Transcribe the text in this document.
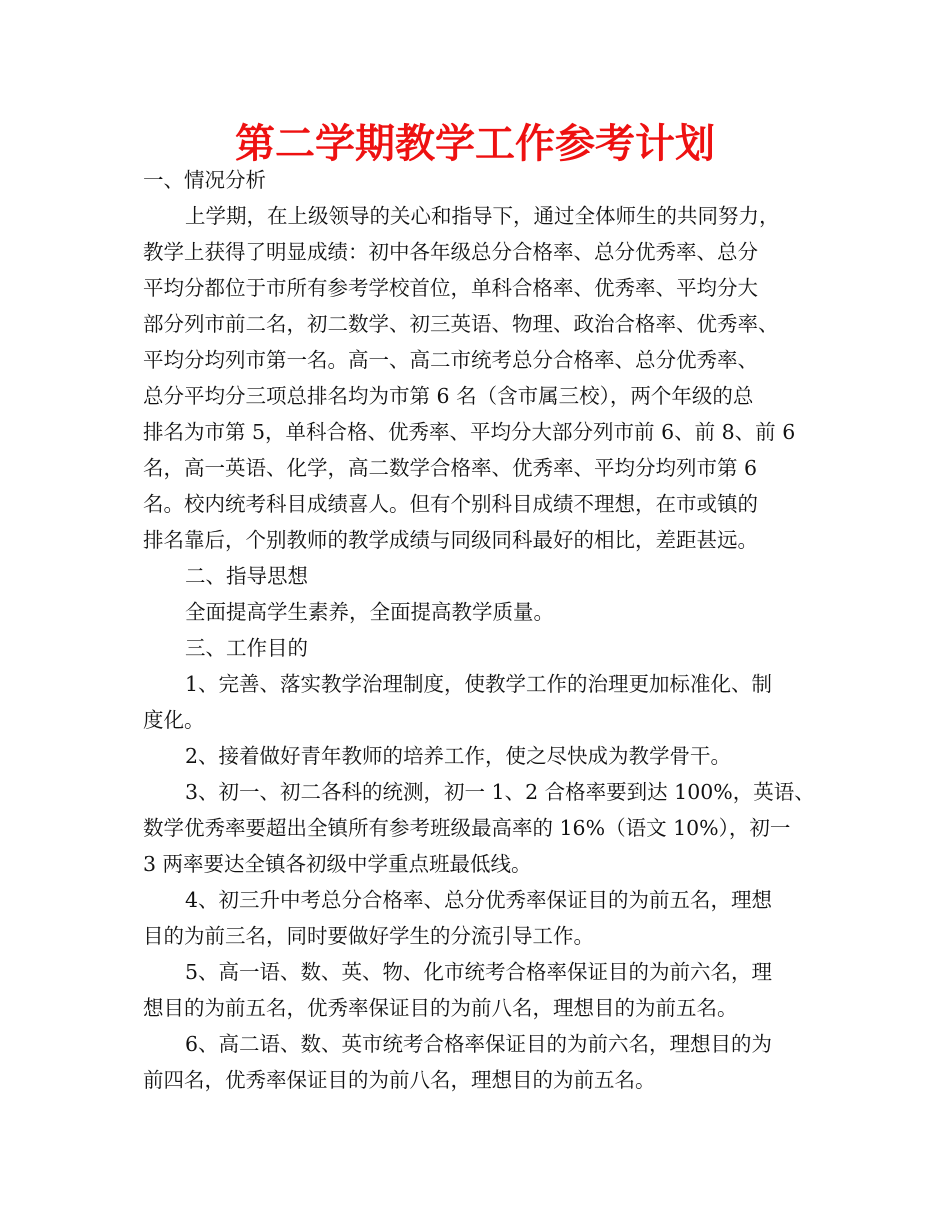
第二学期教学工作参考计划
一、情况分析
上学期，在上级领导的关心和指导下，通过全体师生的共同努力，
教学上获得了明显成绩：初中各年级总分合格率、总分优秀率、总分
平均分都位于市所有参考学校首位，单科合格率、优秀率、平均分大
部分列市前二名，初二数学、初三英语、物理、政治合格率、优秀率、
平均分均列市第一名。高一、高二市统考总分合格率、总分优秀率、
总分平均分三项总排名均为市第 6 名（含市属三校），两个年级的总
排名为市第 5，单科合格、优秀率、平均分大部分列市前 6、前 8、前 6
名，高一英语、化学，高二数学合格率、优秀率、平均分均列市第 6
名。校内统考科目成绩喜人。但有个别科目成绩不理想，在市或镇的
排名靠后，个别教师的教学成绩与同级同科最好的相比，差距甚远。
二、指导思想
全面提高学生素养，全面提高教学质量。
三、工作目的
1、完善、落实教学治理制度，使教学工作的治理更加标准化、制
度化。
2、接着做好青年教师的培养工作，使之尽快成为教学骨干。
3、初一、初二各科的统测，初一 1、2 合格率要到达 100%，英语、
数学优秀率要超出全镇所有参考班级最高率的 16%（语文 10%），初一
3 两率要达全镇各初级中学重点班最低线。
4、初三升中考总分合格率、总分优秀率保证目的为前五名，理想
目的为前三名，同时要做好学生的分流引导工作。
5、高一语、数、英、物、化市统考合格率保证目的为前六名，理
想目的为前五名，优秀率保证目的为前八名，理想目的为前五名。
6、高二语、数、英市统考合格率保证目的为前六名，理想目的为
前四名，优秀率保证目的为前八名，理想目的为前五名。
